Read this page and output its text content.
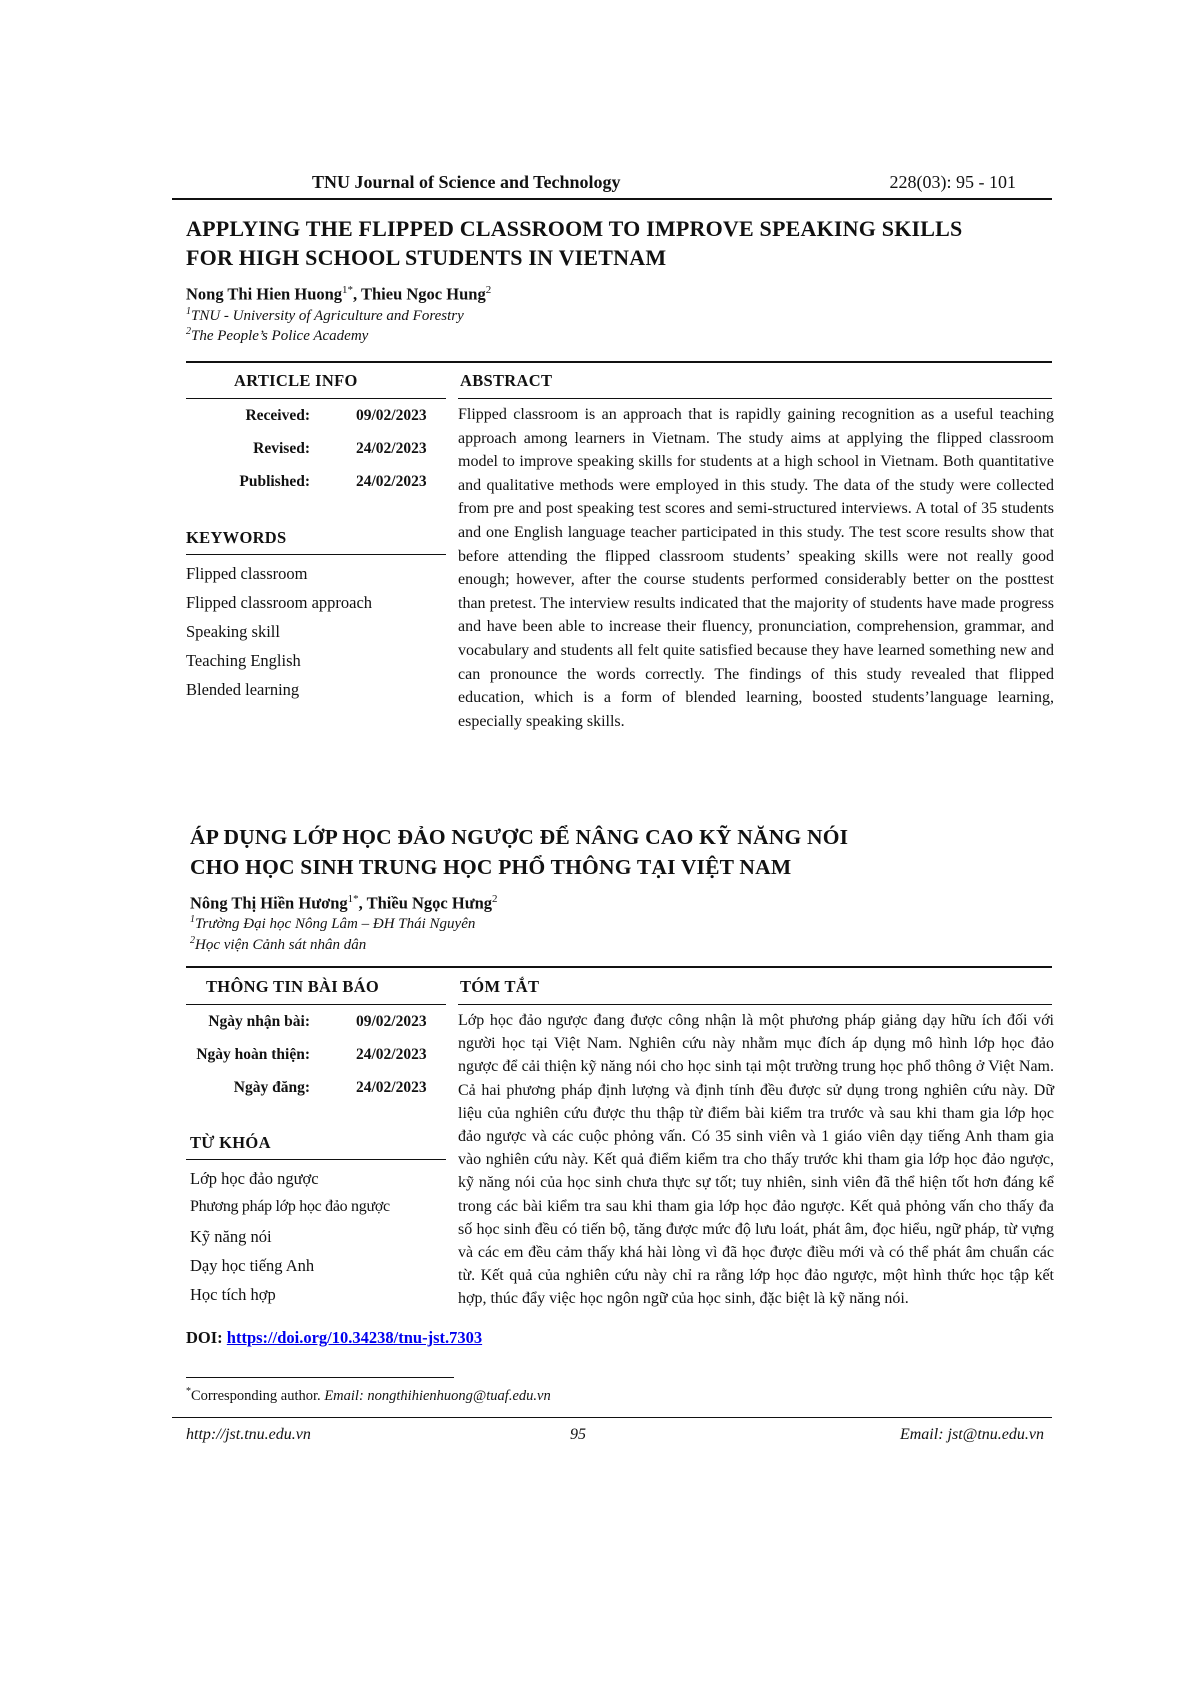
TNU Journal of Science and Technology	228(03): 95 - 101
APPLYING THE FLIPPED CLASSROOM TO IMPROVE SPEAKING SKILLS
FOR HIGH SCHOOL STUDENTS IN VIETNAM
Nong Thi Hien Huong$^{1*}$, Thieu Ngoc Hung$^2$
$^1$TNU - University of Agriculture and Forestry
$^2$The People’s Police Academy
ARTICLE INFO	ABSTRACT
Received:	09/02/2023
Revised:	24/02/2023
Published:	24/02/2023
KEYWORDS
Flipped classroom
Flipped classroom approach
Speaking skill
Teaching English
Blended learning
Flipped classroom is an approach that is rapidly gaining recognition as a useful teaching approach among learners in Vietnam. The study aims at applying the flipped classroom model to improve speaking skills for students at a high school in Vietnam. Both quantitative and qualitative methods were employed in this study. The data of the study were collected from pre and post speaking test scores and semi-structured interviews. A total of 35 students and one English language teacher participated in this study. The test score results show that before attending the flipped classroom students’ speaking skills were not really good enough; however, after the course students performed considerably better on the posttest than pretest. The interview results indicated that the majority of students have made progress and have been able to increase their fluency, pronunciation, comprehension, grammar, and vocabulary and students all felt quite satisfied because they have learned something new and can pronounce the words correctly. The findings of this study revealed that flipped education, which is a form of blended learning, boosted students’language learning, especially speaking skills.
ÁP DỤNG LỚP HỌC ĐẢO NGƯỢC ĐỂ NÂNG CAO KỸ NĂNG NÓI
CHO HỌC SINH TRUNG HỌC PHỔ THÔNG TẠI VIỆT NAM
Nông Thị Hiền Hương$^{1*}$, Thiều Ngọc Hưng$^2$
$^1$Trường Đại học Nông Lâm – ĐH Thái Nguyên
$^2$Học viện Cảnh sát nhân dân
THÔNG TIN BÀI BÁO	TÓM TẮT
Ngày nhận bài:	09/02/2023
Ngày hoàn thiện:	24/02/2023
Ngày đăng:	24/02/2023
TỪ KHÓA
Lớp học đảo ngược
Phương pháp lớp học đảo ngược
Kỹ năng nói
Dạy học tiếng Anh
Học tích hợp
Lớp học đảo ngược đang được công nhận là một phương pháp giảng dạy hữu ích đối với người học tại Việt Nam. Nghiên cứu này nhằm mục đích áp dụng mô hình lớp học đảo ngược để cải thiện kỹ năng nói cho học sinh tại một trường trung học phổ thông ở Việt Nam. Cả hai phương pháp định lượng và định tính đều được sử dụng trong nghiên cứu này. Dữ liệu của nghiên cứu được thu thập từ điểm bài kiểm tra trước và sau khi tham gia lớp học đảo ngược và các cuộc phỏng vấn. Có 35 sinh viên và 1 giáo viên dạy tiếng Anh tham gia vào nghiên cứu này. Kết quả điểm kiểm tra cho thấy trước khi tham gia lớp học đảo ngược, kỹ năng nói của học sinh chưa thực sự tốt; tuy nhiên, sinh viên đã thể hiện tốt hơn đáng kể trong các bài kiểm tra sau khi tham gia lớp học đảo ngược. Kết quả phỏng vấn cho thấy đa số học sinh đều có tiến bộ, tăng được mức độ lưu loát, phát âm, đọc hiểu, ngữ pháp, từ vựng và các em đều cảm thấy khá hài lòng vì đã học được điều mới và có thể phát âm chuẩn các từ. Kết quả của nghiên cứu này chỉ ra rằng lớp học đảo ngược, một hình thức học tập kết hợp, thúc đẩy việc học ngôn ngữ của học sinh, đặc biệt là kỹ năng nói.
DOI: https://doi.org/10.34238/tnu-jst.7303
*Corresponding author. Email: nongthihienhuong@tuaf.edu.vn
http://jst.tnu.edu.vn	95	Email: jst@tnu.edu.vn
